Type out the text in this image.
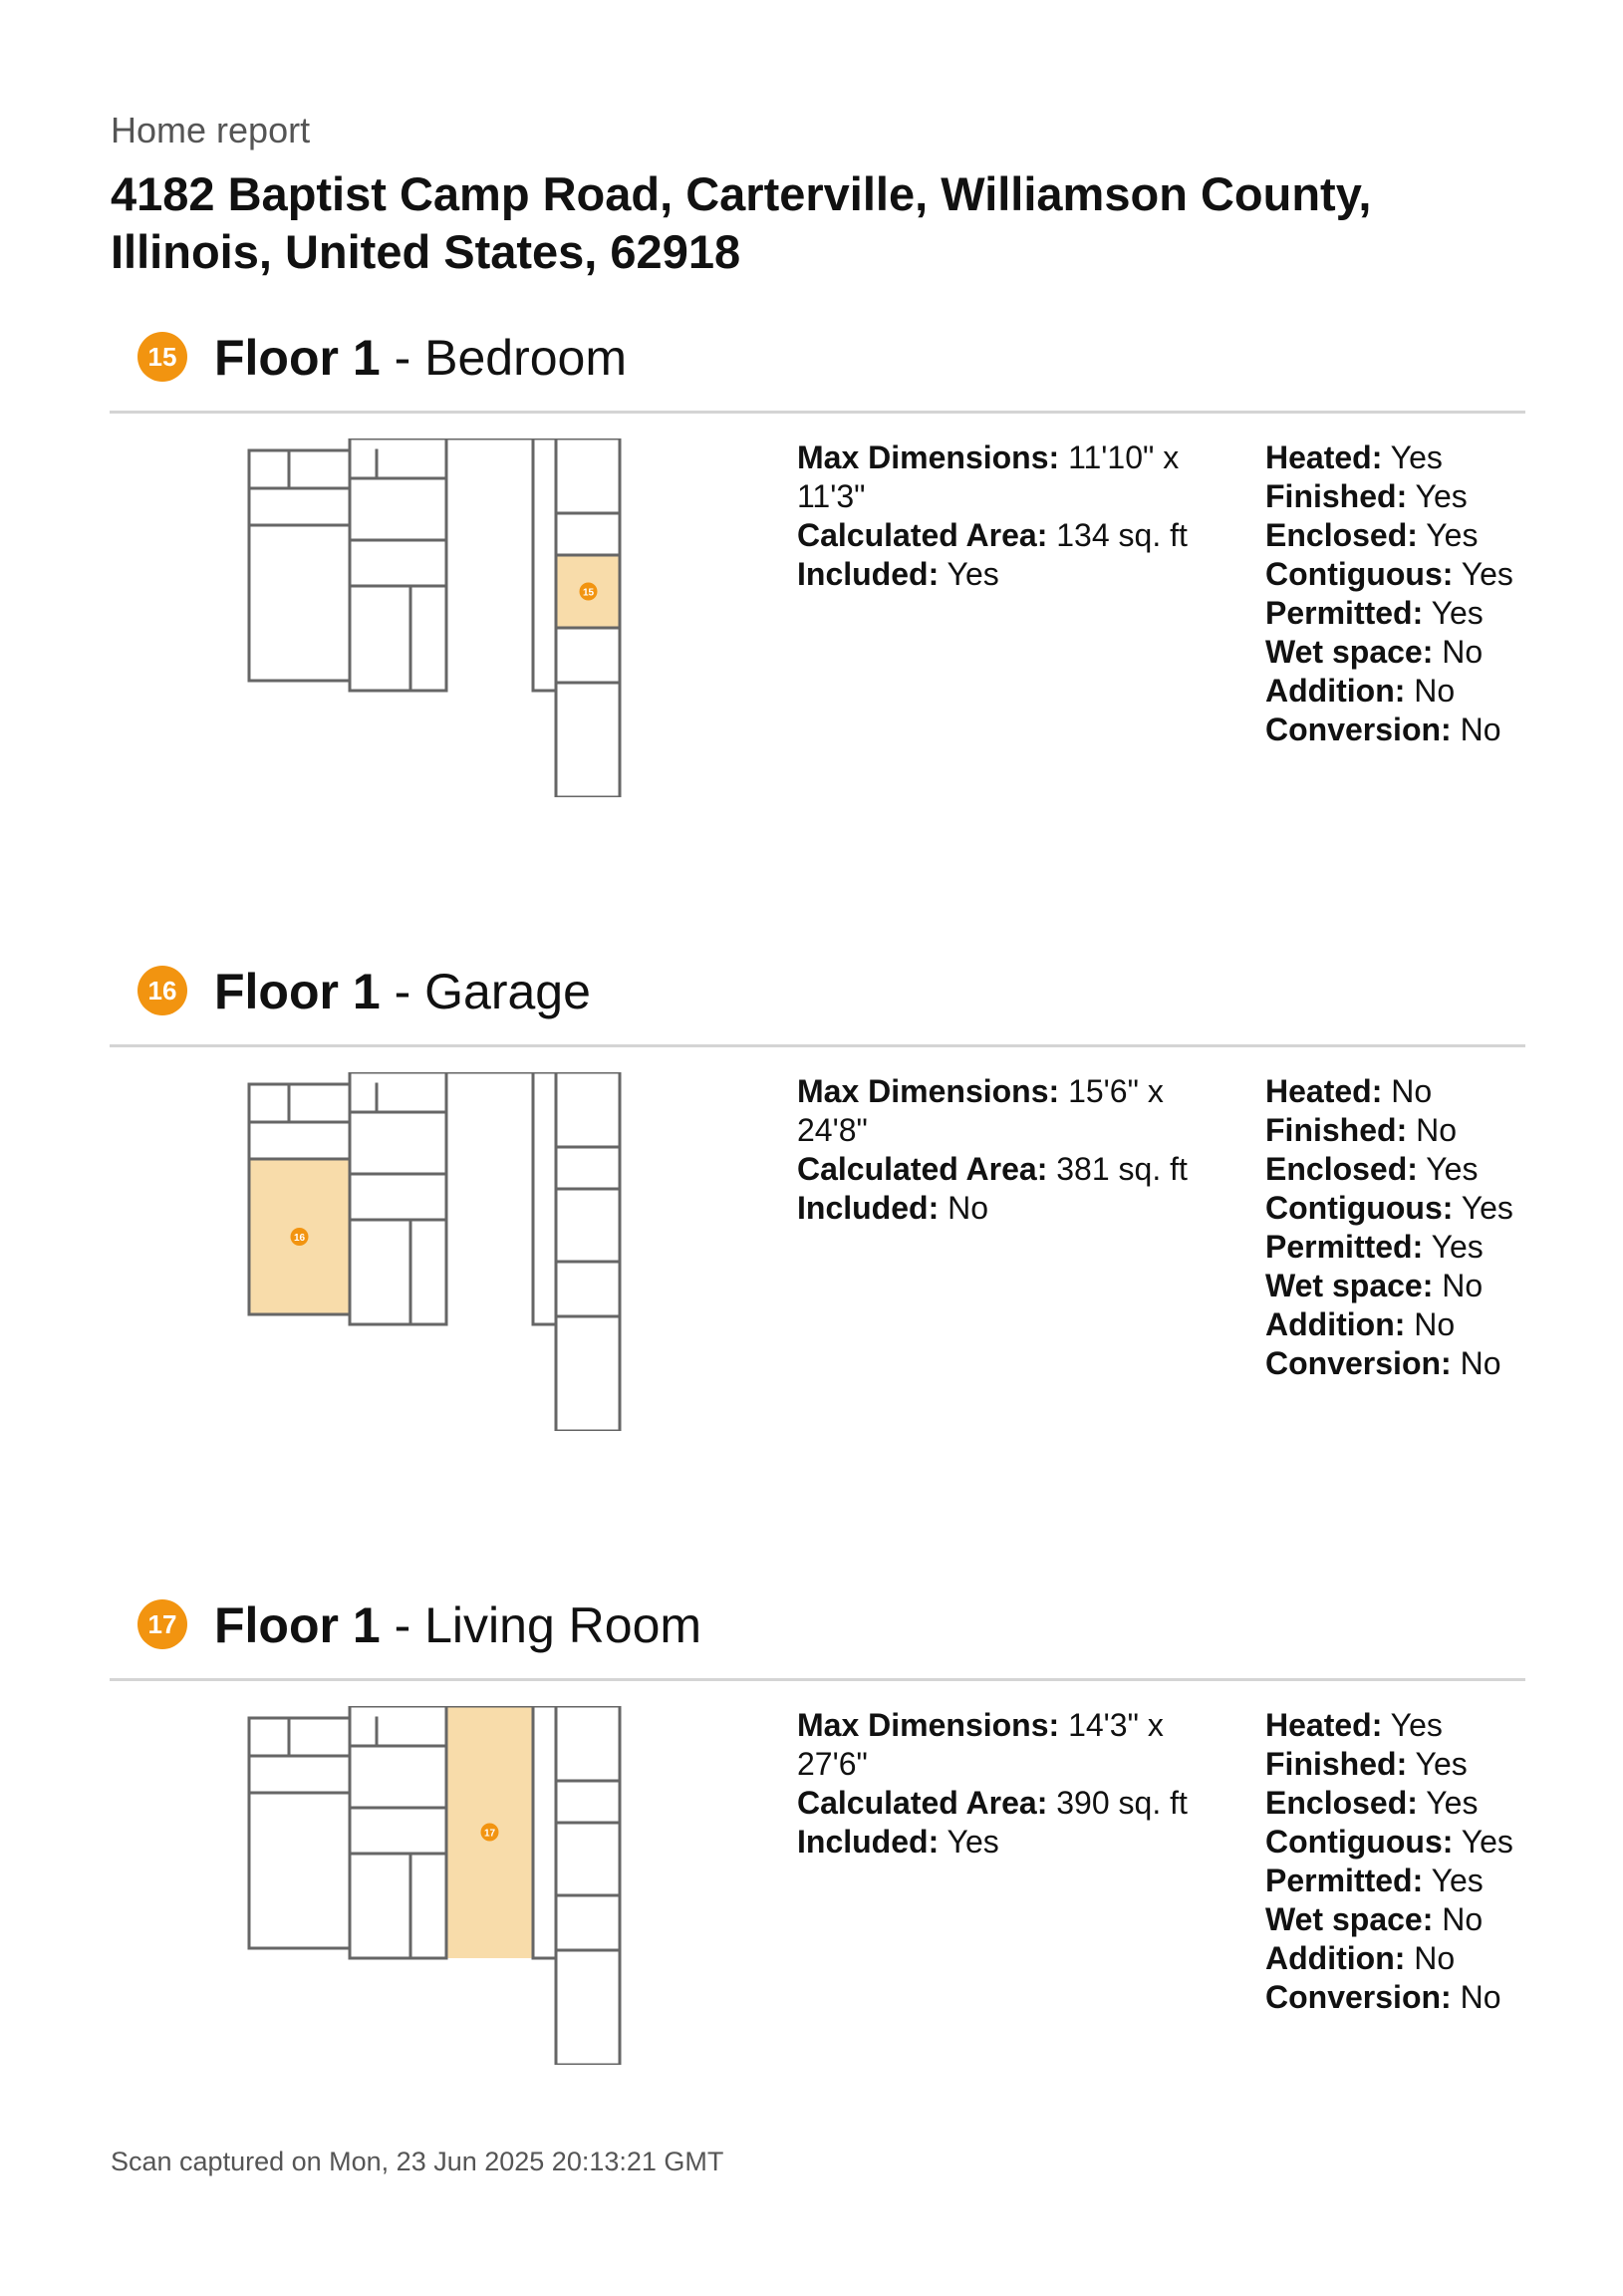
Home report
4182 Baptist Camp Road, Carterville, Williamson County, Illinois, United States, 62918
15 Floor 1 - Bedroom
15
Max Dimensions: 11'10" x 11'3"
Calculated Area: 134 sq. ft
Included: Yes
Heated: Yes
Finished: Yes
Enclosed: Yes
Contiguous: Yes
Permitted: Yes
Wet space: No
Addition: No
Conversion: No
16 Floor 1 - Garage
16
Max Dimensions: 15'6" x 24'8"
Calculated Area: 381 sq. ft
Included: No
Heated: No
Finished: No
Enclosed: Yes
Contiguous: Yes
Permitted: Yes
Wet space: No
Addition: No
Conversion: No
17 Floor 1 - Living Room
17
Max Dimensions: 14'3" x 27'6"
Calculated Area: 390 sq. ft
Included: Yes
Heated: Yes
Finished: Yes
Enclosed: Yes
Contiguous: Yes
Permitted: Yes
Wet space: No
Addition: No
Conversion: No
Scan captured on Mon, 23 Jun 2025 20:13:21 GMT
